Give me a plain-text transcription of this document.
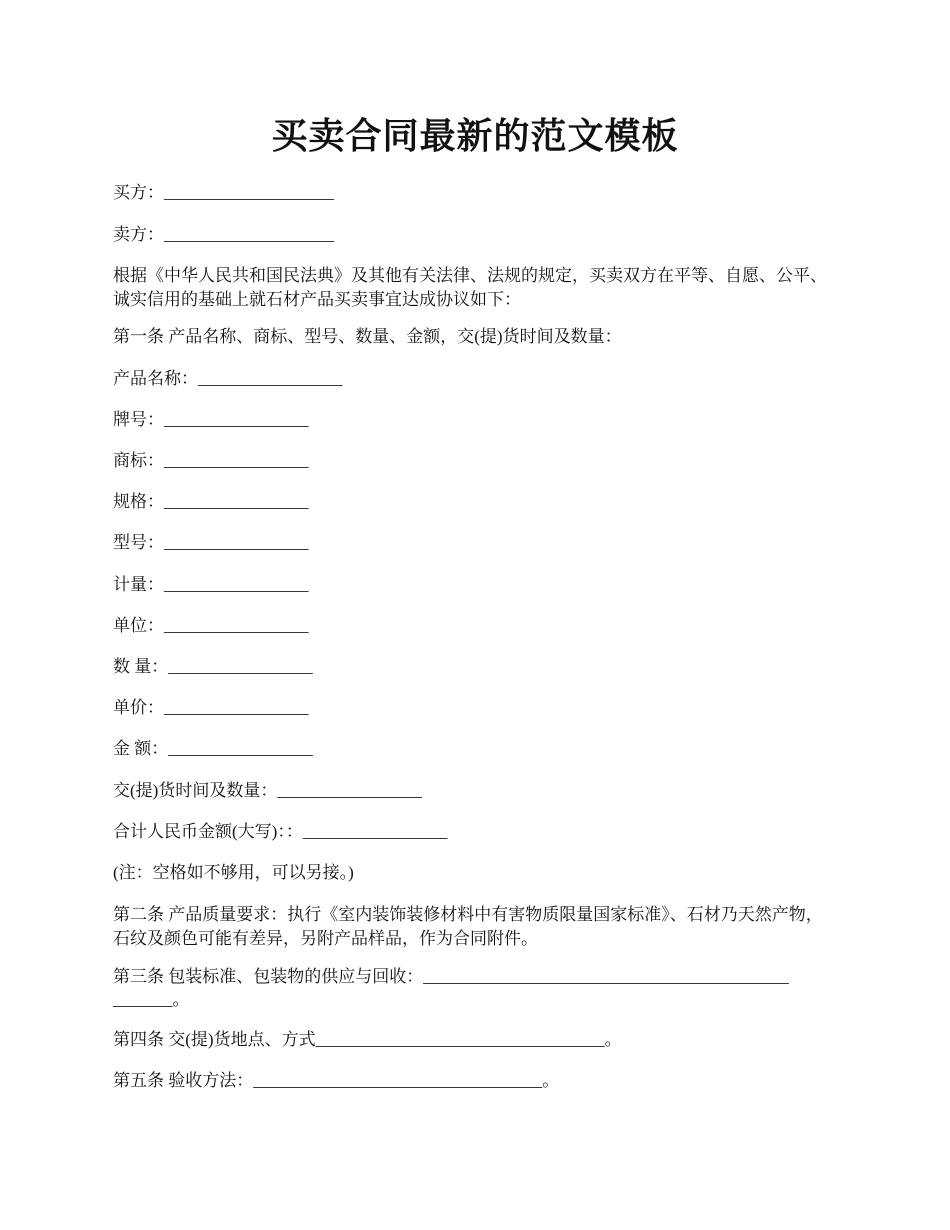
买卖合同最新的范文模板
买方：____________________
卖方：____________________
根据《中华人民共和国民法典》及其他有关法律、法规的规定，买卖双方在平等、自愿、公平、诚实信用的基础上就石材产品买卖事宜达成协议如下：
第一条 产品名称、商标、型号、数量、金额，交(提)货时间及数量：
产品名称：_________________
牌号：_________________
商标：_________________
规格：_________________
型号：_________________
计量：_________________
单位：_________________
数 量：_________________
单价：_________________
金 额：_________________
交(提)货时间及数量：_________________
合计人民币金额(大写)：：_________________
(注：空格如不够用，可以另接。)
第二条 产品质量要求：执行《室内装饰装修材料中有害物质限量国家标准》、石材乃天然产物，石纹及颜色可能有差异，另附产品样品，作为合同附件。
第三条 包装标准、包装物的供应与回收：___________________________________________
_______。
第四条 交(提)货地点、方式__________________________________。
第五条 验收方法：__________________________________。
